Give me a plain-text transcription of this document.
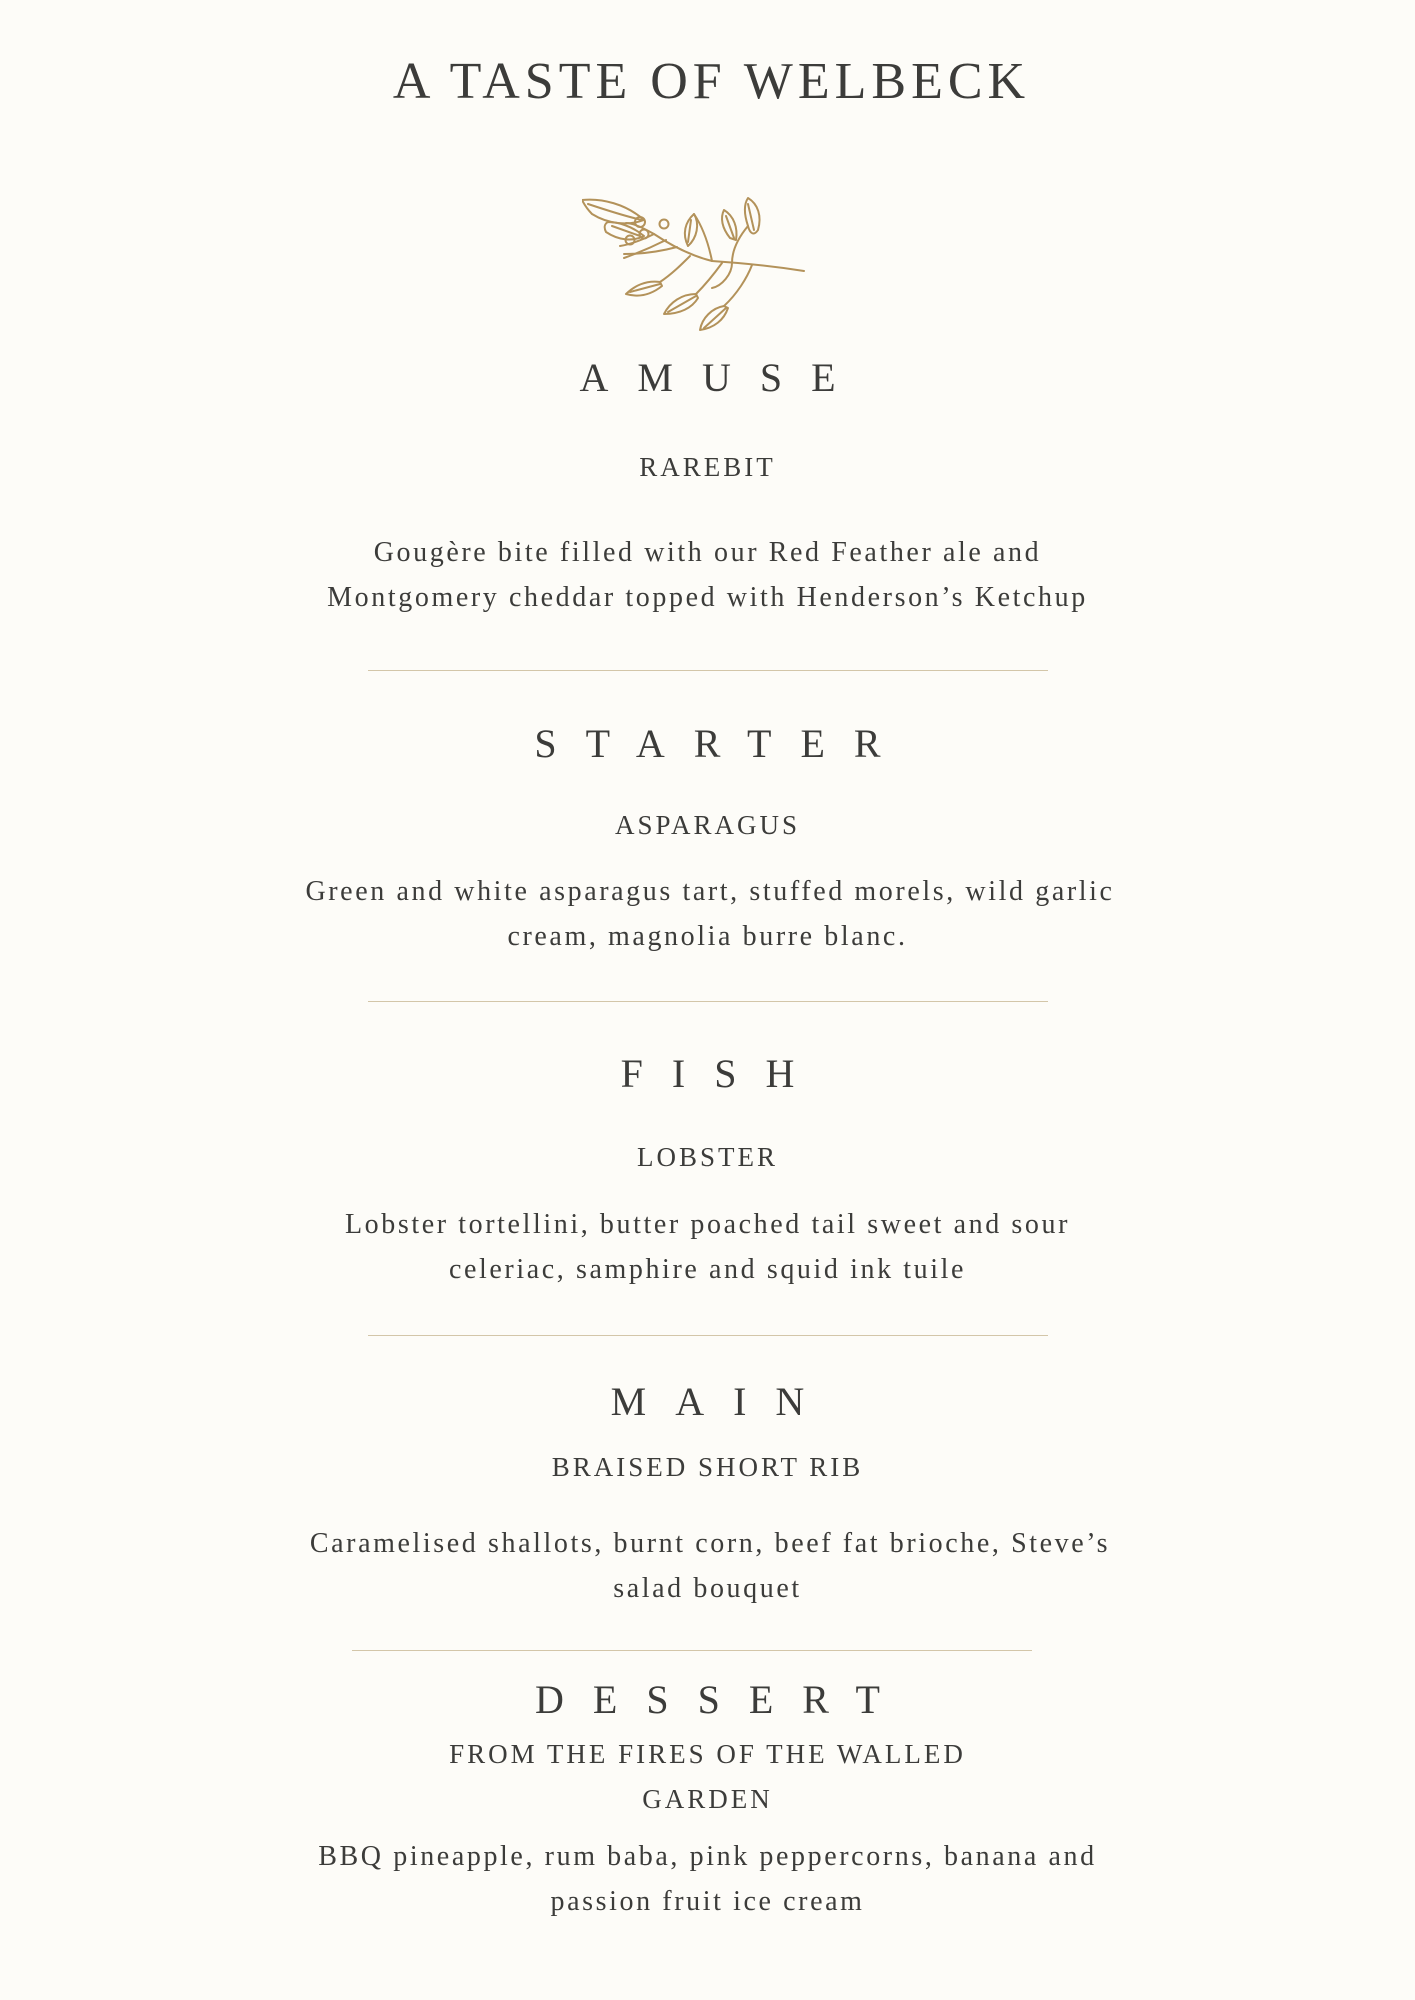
A TASTE OF WELBECK
AMUSE
RAREBIT
Gougère bite filled with our Red Feather ale and
Montgomery cheddar topped with Henderson’s Ketchup
STARTER
ASPARAGUS
Green and white asparagus tart, stuffed morels, wild garlic
cream, magnolia burre blanc.
FISH
LOBSTER
Lobster tortellini, butter poached tail sweet and sour
celeriac, samphire and squid ink tuile
MAIN
BRAISED SHORT RIB
Caramelised shallots, burnt corn, beef fat brioche, Steve’s
salad bouquet
DESSERT
FROM THE FIRES OF THE WALLED
GARDEN
BBQ pineapple, rum baba, pink peppercorns, banana and
passion fruit ice cream
